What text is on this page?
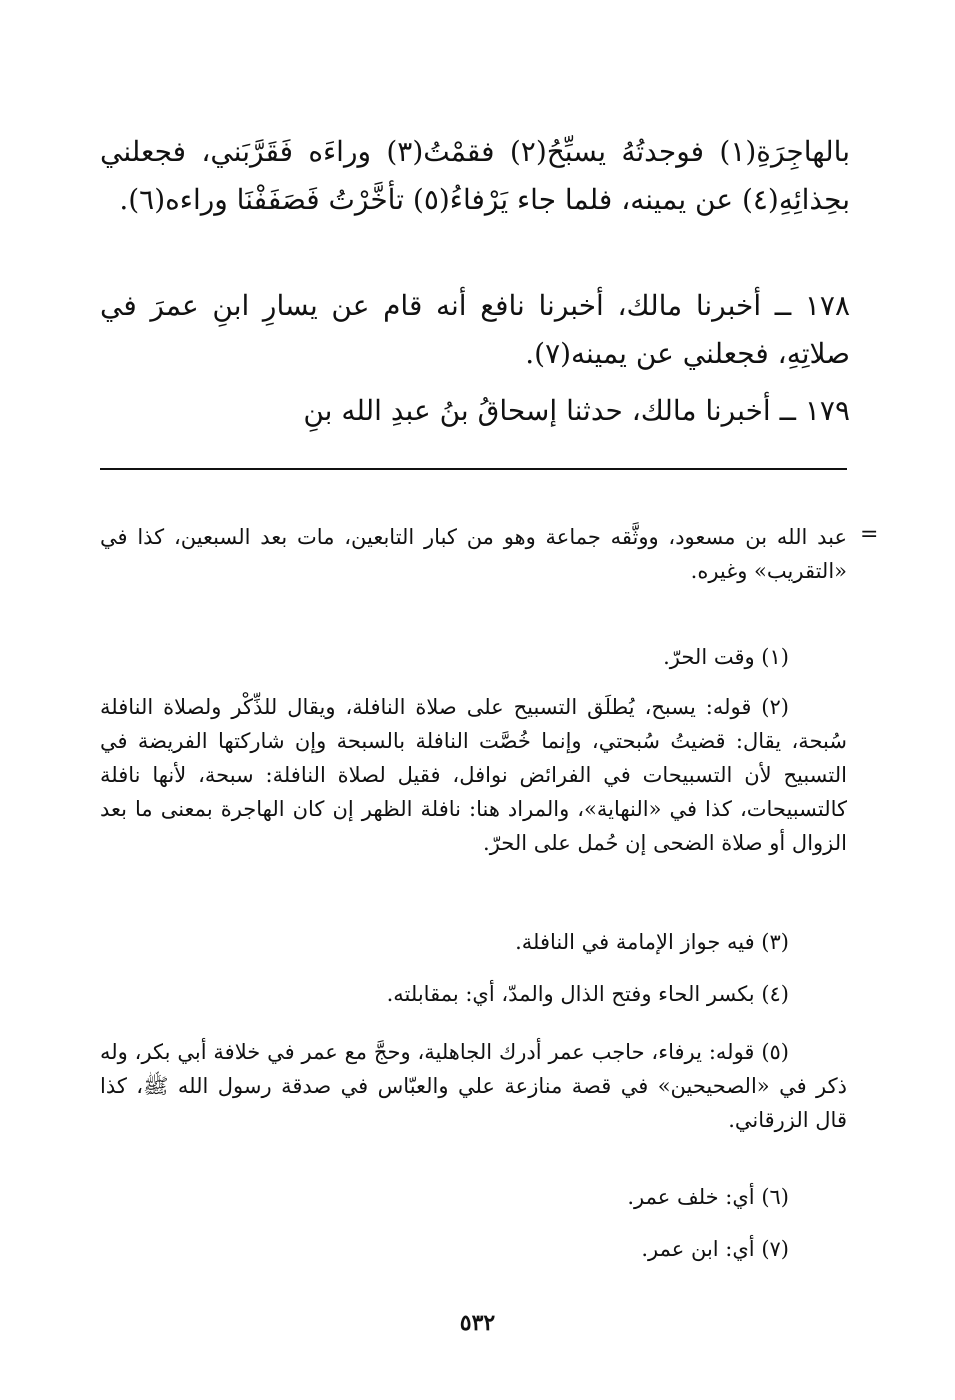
بالهاجِرَةِ(١) فوجدتُهُ يسبِّحُ(٢) فقمْتُ(٣) وراءَه فَقَرَّبَني، فجعلني بحِذائِهِ(٤) عن يمينه، فلما جاء يَرْفاءُ(٥) تأخَّرْتُ فَصَفَفْنَا وراءه(٦).

١٧٨ ــ أخبرنا مالك، أخبرنا نافع أنه قام عن يسارِ ابنِ عمرَ في صلاتِهِ، فجعلني عن يمينه(٧).

١٧٩ ــ أخبرنا مالك، حدثنا إسحاقُ بنُ عبدِ الله بنِ

=

عبد الله بن مسعود، ووثَّقه جماعة وهو من كبار التابعين، مات بعد السبعين، كذا في «التقريب» وغيره.

(١) وقت الحرّ.

(٢) قوله: يسبح، يُطلَق التسبيح على صلاة النافلة، ويقال للذِّكْر ولصلاة النافلة سُبحة، يقال: قضيتُ سُبحتي، وإنما خُصَّت النافلة بالسبحة وإن شاركتها الفريضة في التسبيح لأن التسبيحات في الفرائض نوافل، فقيل لصلاة النافلة: سبحة، لأنها نافلة كالتسبيحات، كذا في «النهاية»، والمراد هنا: نافلة الظهر إن كان الهاجرة بمعنى ما بعد الزوال أو صلاة الضحى إن حُمل على الحرّ.

(٣) فيه جواز الإمامة في النافلة.

(٤) بكسر الحاء وفتح الذال والمدّ، أي: بمقابلته.

(٥) قوله: يرفاء، حاجب عمر أدرك الجاهلية، وحجَّ مع عمر في خلافة أبي بكر، وله ذكر في «الصحيحين» في قصة منازعة علي والعبّاس في صدقة رسول الله ﷺ، كذا قال الزرقاني.

(٦) أي: خلف عمر.

(٧) أي: ابن عمر.

٥٣٢
